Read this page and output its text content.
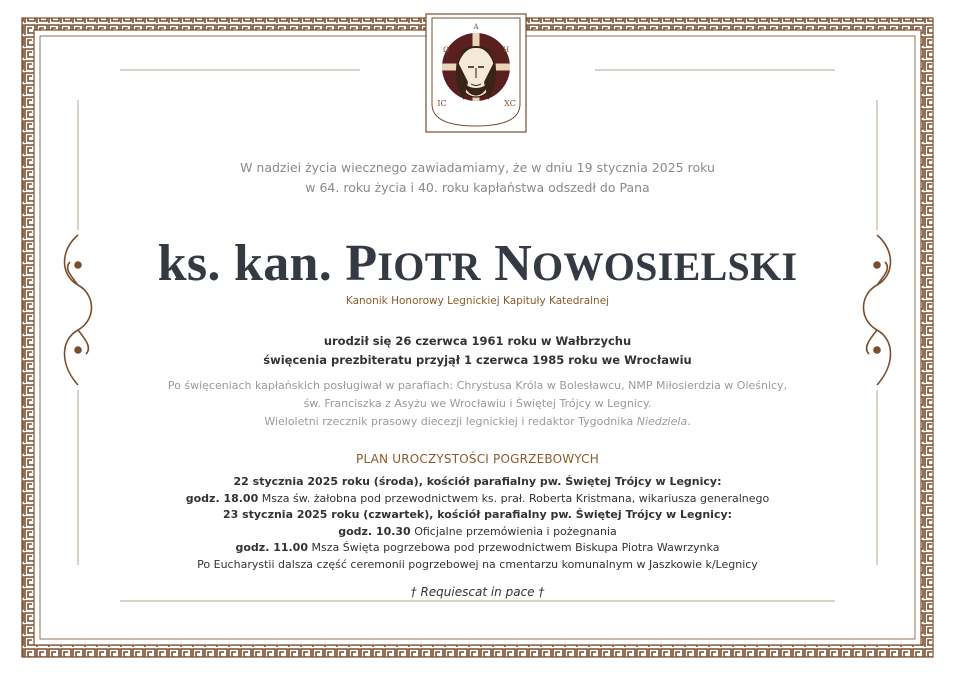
A
Ω	H
IC	XC
W nadziei życia wiecznego zawiadamiamy, że w dniu 19 stycznia 2025 roku
w 64. roku życia i 40. roku kapłaństwa odszedł do Pana
ks. kan. PIOTR NOWOSIELSKI
Kanonik Honorowy Legnickiej Kapituły Katedralnej
urodził się 26 czerwca 1961 roku w Wałbrzychu
święcenia prezbiteratu przyjął 1 czerwca 1985 roku we Wrocławiu
Po święceniach kapłańskich posługiwał w parafiach: Chrystusa Króla w Bolesławcu, NMP Miłosierdzia w Oleśnicy,
św. Franciszka z Asyżu we Wrocławiu i Świętej Trójcy w Legnicy.
Wieloletni rzecznik prasowy diecezji legnickiej i redaktor Tygodnika Niedziela.
PLAN UROCZYSTOŚCI POGRZEBOWYCH
22 stycznia 2025 roku (środa), kościół parafialny pw. Świętej Trójcy w Legnicy:
godz. 18.00 Msza św. żałobna pod przewodnictwem ks. prał. Roberta Kristmana, wikariusza generalnego
23 stycznia 2025 roku (czwartek), kościół parafialny pw. Świętej Trójcy w Legnicy:
godz. 10.30 Oficjalne przemówienia i pożegnania
godz. 11.00 Msza Święta pogrzebowa pod przewodnictwem Biskupa Piotra Wawrzynka
Po Eucharystii dalsza część ceremonii pogrzebowej na cmentarzu komunalnym w Jaszkowie k/Legnicy
† Requiescat in pace †
